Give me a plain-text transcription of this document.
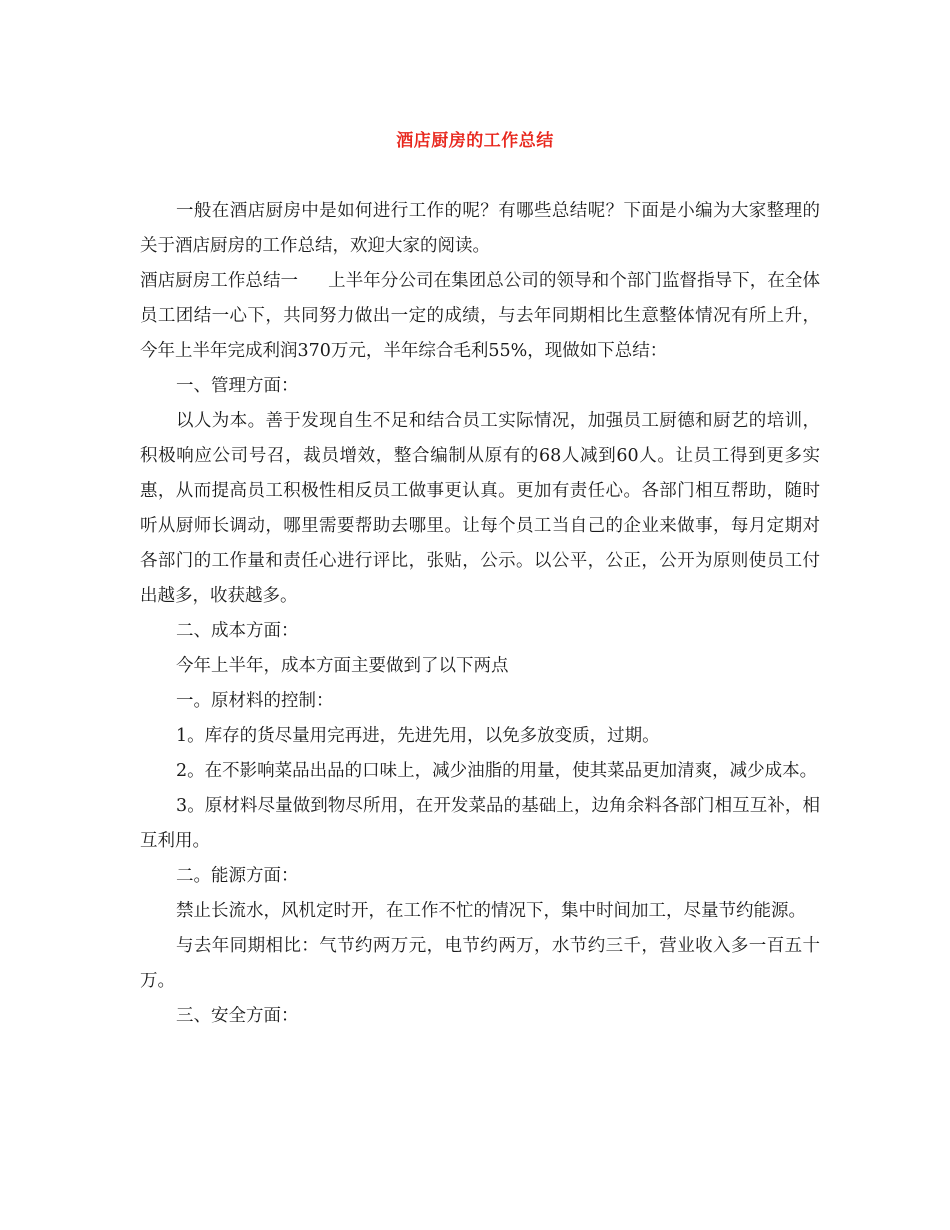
酒店厨房的工作总结

一般在酒店厨房中是如何进行工作的呢？有哪些总结呢？下面是小编为大家整理的关于酒店厨房的工作总结，欢迎大家的阅读。

酒店厨房工作总结一 上半年分公司在集团总公司的领导和个部门监督指导下，在全体员工团结一心下，共同努力做出一定的成绩，与去年同期相比生意整体情况有所上升，今年上半年完成利润370万元，半年综合毛利55%，现做如下总结：

一、管理方面：

以人为本。善于发现自生不足和结合员工实际情况，加强员工厨德和厨艺的培训，积极响应公司号召，裁员增效，整合编制从原有的68人减到60人。让员工得到更多实惠，从而提高员工积极性相反员工做事更认真。更加有责任心。各部门相互帮助，随时听从厨师长调动，哪里需要帮助去哪里。让每个员工当自己的企业来做事，每月定期对各部门的工作量和责任心进行评比，张贴，公示。以公平，公正，公开为原则使员工付出越多，收获越多。

二、成本方面：

今年上半年，成本方面主要做到了以下两点

一。原材料的控制：

1。库存的货尽量用完再进，先进先用，以免多放变质，过期。

2。在不影响菜品出品的口味上，减少油脂的用量，使其菜品更加清爽，减少成本。

3。原材料尽量做到物尽所用，在开发菜品的基础上，边角余料各部门相互互补，相互利用。

二。能源方面：

禁止长流水，风机定时开，在工作不忙的情况下，集中时间加工，尽量节约能源。

与去年同期相比：气节约两万元，电节约两万，水节约三千，营业收入多一百五十万。

三、安全方面：
